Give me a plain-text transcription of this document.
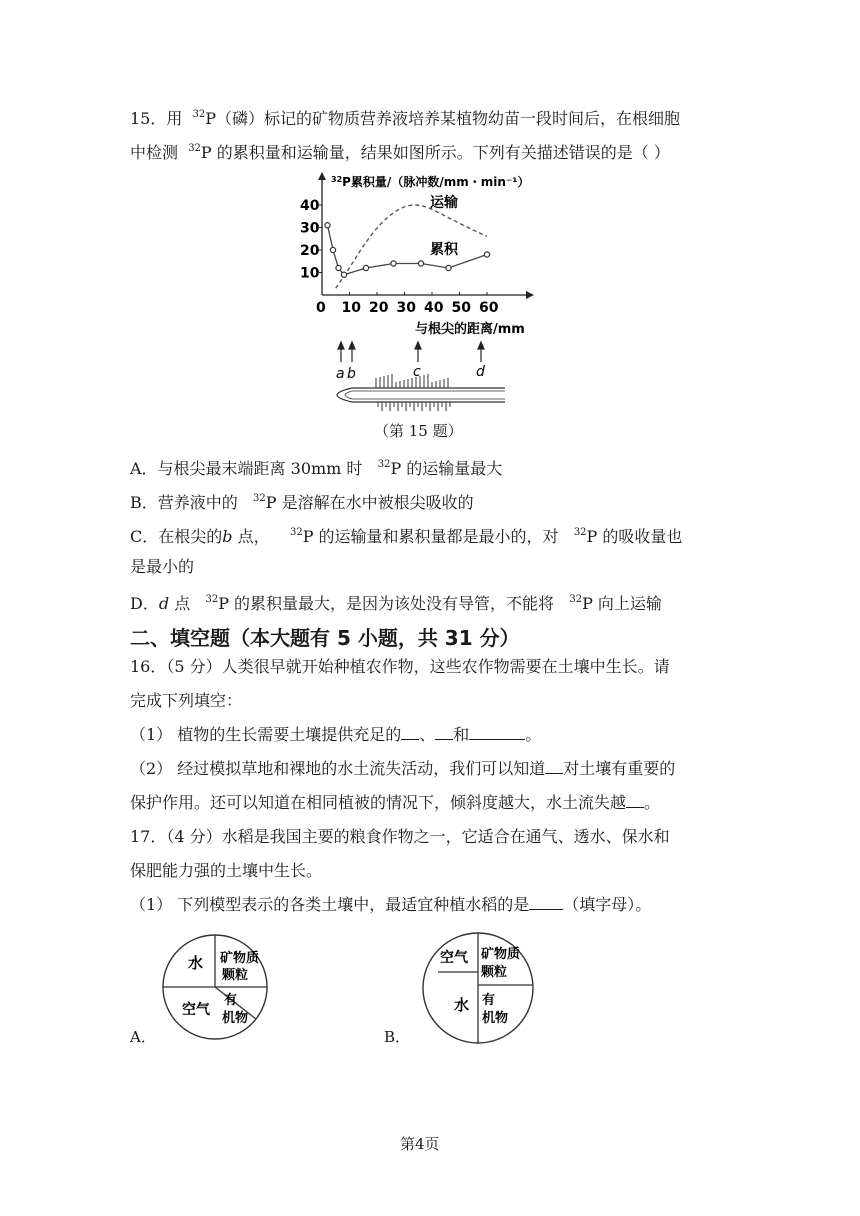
15．用 $^{32}$P（磷）标记的矿物质营养液培养某植物幼苗一段时间后，在根细胞
中检测 $^{32}$P 的累积量和运输量，结果如图所示。下列有关描述错误的是（ ）
$^{32}$P累积量/（脉冲数/mm・min⁻¹）
10
20
30
40
0 10 20 30 40 50 60
与根尖的距离/mm
运输
累积
a b	c	d
（第 15 题）
A．与根尖最末端距离 30mm 时 $^{32}$P 的运输量最大
B．营养液中的 $^{32}$P 是溶解在水中被根尖吸收的
C．在根尖的b 点， $^{32}$P 的运输量和累积量都是最小的，对 $^{32}$P 的吸收量也
是最小的
D．d 点 $^{32}$P 的累积量最大，是因为该处没有导管，不能将 $^{32}$P 向上运输
二、填空题（本大题有 5 小题，共 31 分）
16．（5 分）人类很早就开始种植农作物，这些农作物需要在土壤中生长。请
完成下列填空：
（1） 植物的生长需要土壤提供充足的 、 和	。
（2） 经过模拟草地和裸地的水土流失活动，我们可以知道 对土壤有重要的
保护作用。还可以知道在相同植被的情况下，倾斜度越大，水土流失越 。
17．（4 分）水稻是我国主要的粮食作物之一，它适合在通气、透水、保水和
保肥能力强的土壤中生长。
（1） 下列模型表示的各类土壤中，最适宜种植水稻的是 （填字母）。
水 矿物质
颗粒
空气
有
机物
A．
空气 矿物质
颗粒
水 有
机物
B．
第4页
